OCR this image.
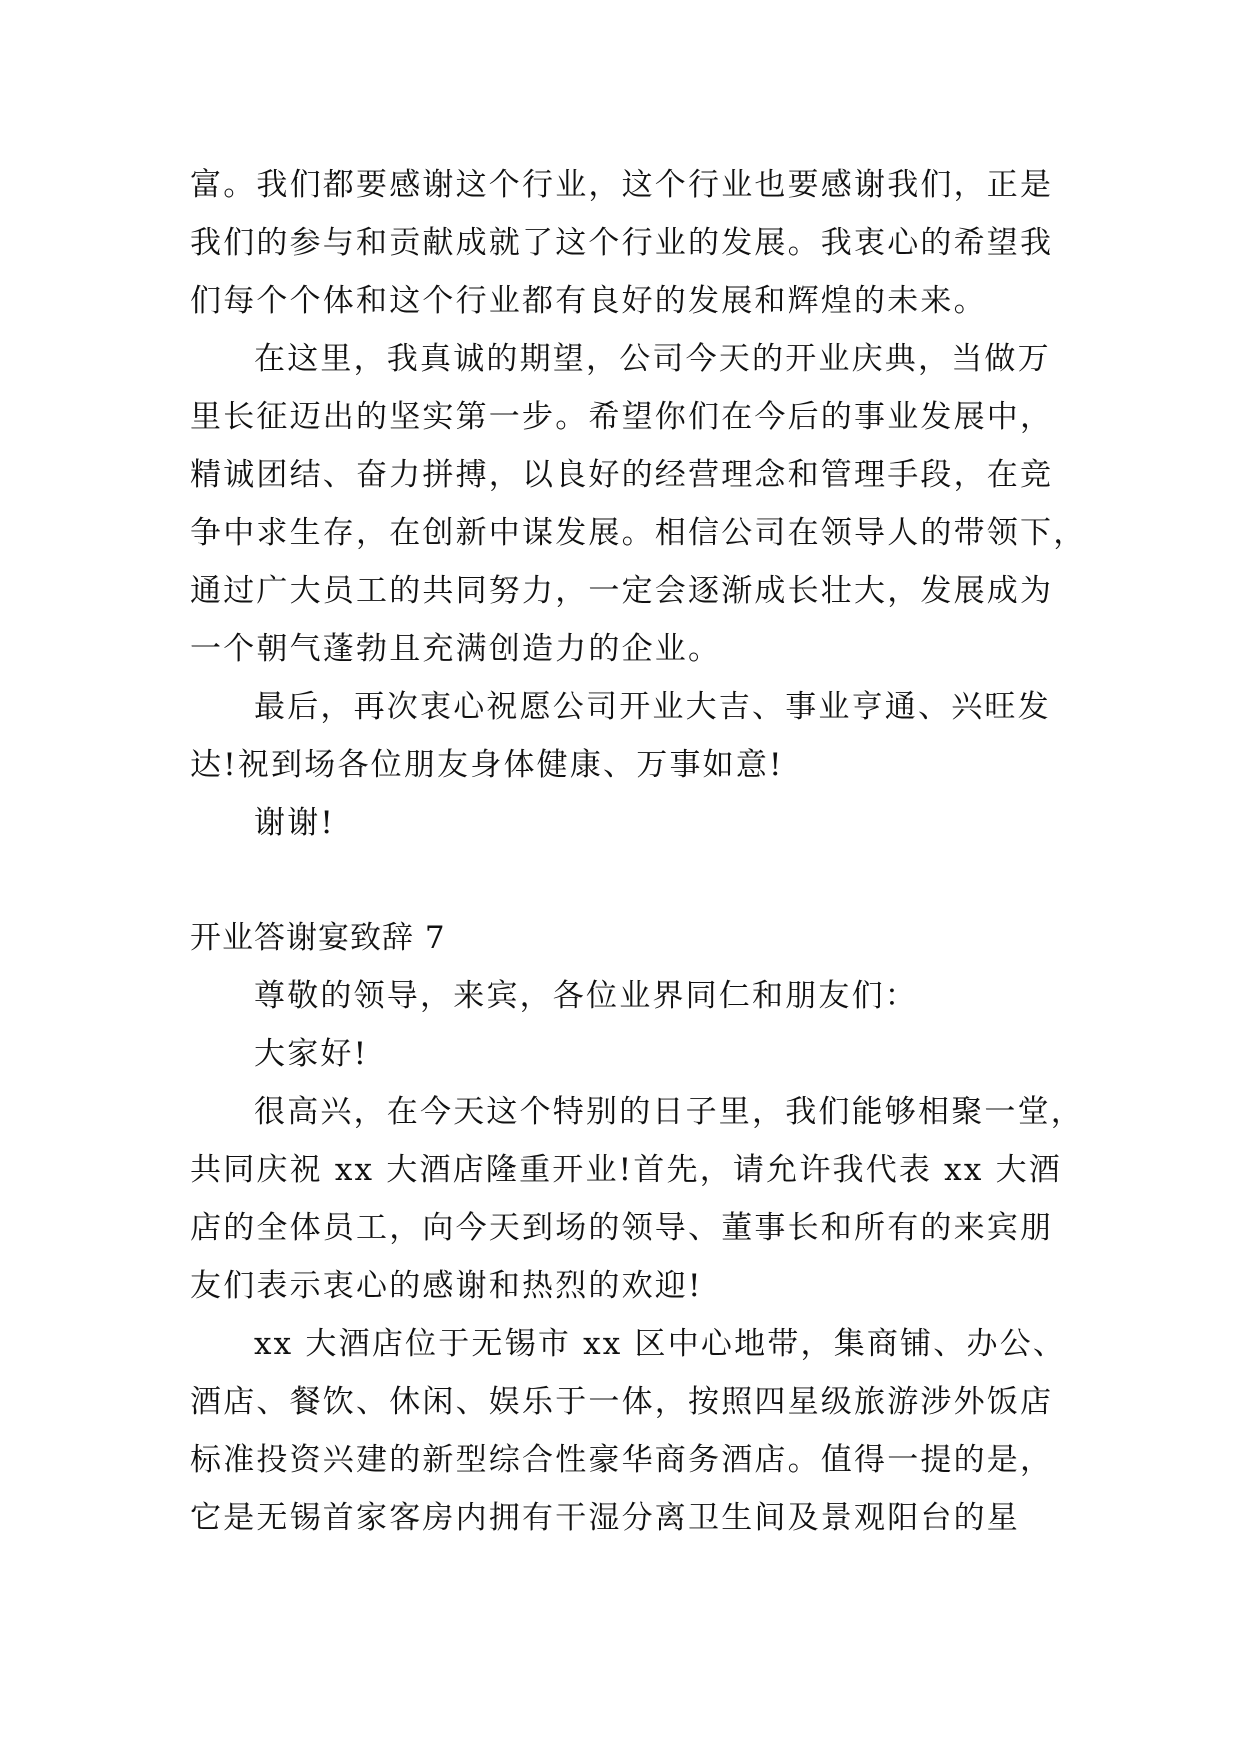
富。我们都要感谢这个行业，这个行业也要感谢我们，正是
我们的参与和贡献成就了这个行业的发展。我衷心的希望我
们每个个体和这个行业都有良好的发展和辉煌的未来。
在这里，我真诚的期望，公司今天的开业庆典，当做万
里长征迈出的坚实第一步。希望你们在今后的事业发展中，
精诚团结、奋力拼搏，以良好的经营理念和管理手段，在竞
争中求生存，在创新中谋发展。相信公司在领导人的带领下，
通过广大员工的共同努力，一定会逐渐成长壮大，发展成为
一个朝气蓬勃且充满创造力的企业。
最后，再次衷心祝愿公司开业大吉、事业亨通、兴旺发
达!祝到场各位朋友身体健康、万事如意!
谢谢!
开业答谢宴致辞 7
尊敬的领导，来宾，各位业界同仁和朋友们：
大家好!
很高兴，在今天这个特别的日子里，我们能够相聚一堂，
共同庆祝 xx 大酒店隆重开业!首先，请允许我代表 xx 大酒
店的全体员工，向今天到场的领导、董事长和所有的来宾朋
友们表示衷心的感谢和热烈的欢迎!
xx 大酒店位于无锡市 xx 区中心地带，集商铺、办公、
酒店、餐饮、休闲、娱乐于一体，按照四星级旅游涉外饭店
标准投资兴建的新型综合性豪华商务酒店。值得一提的是，
它是无锡首家客房内拥有干湿分离卫生间及景观阳台的星
